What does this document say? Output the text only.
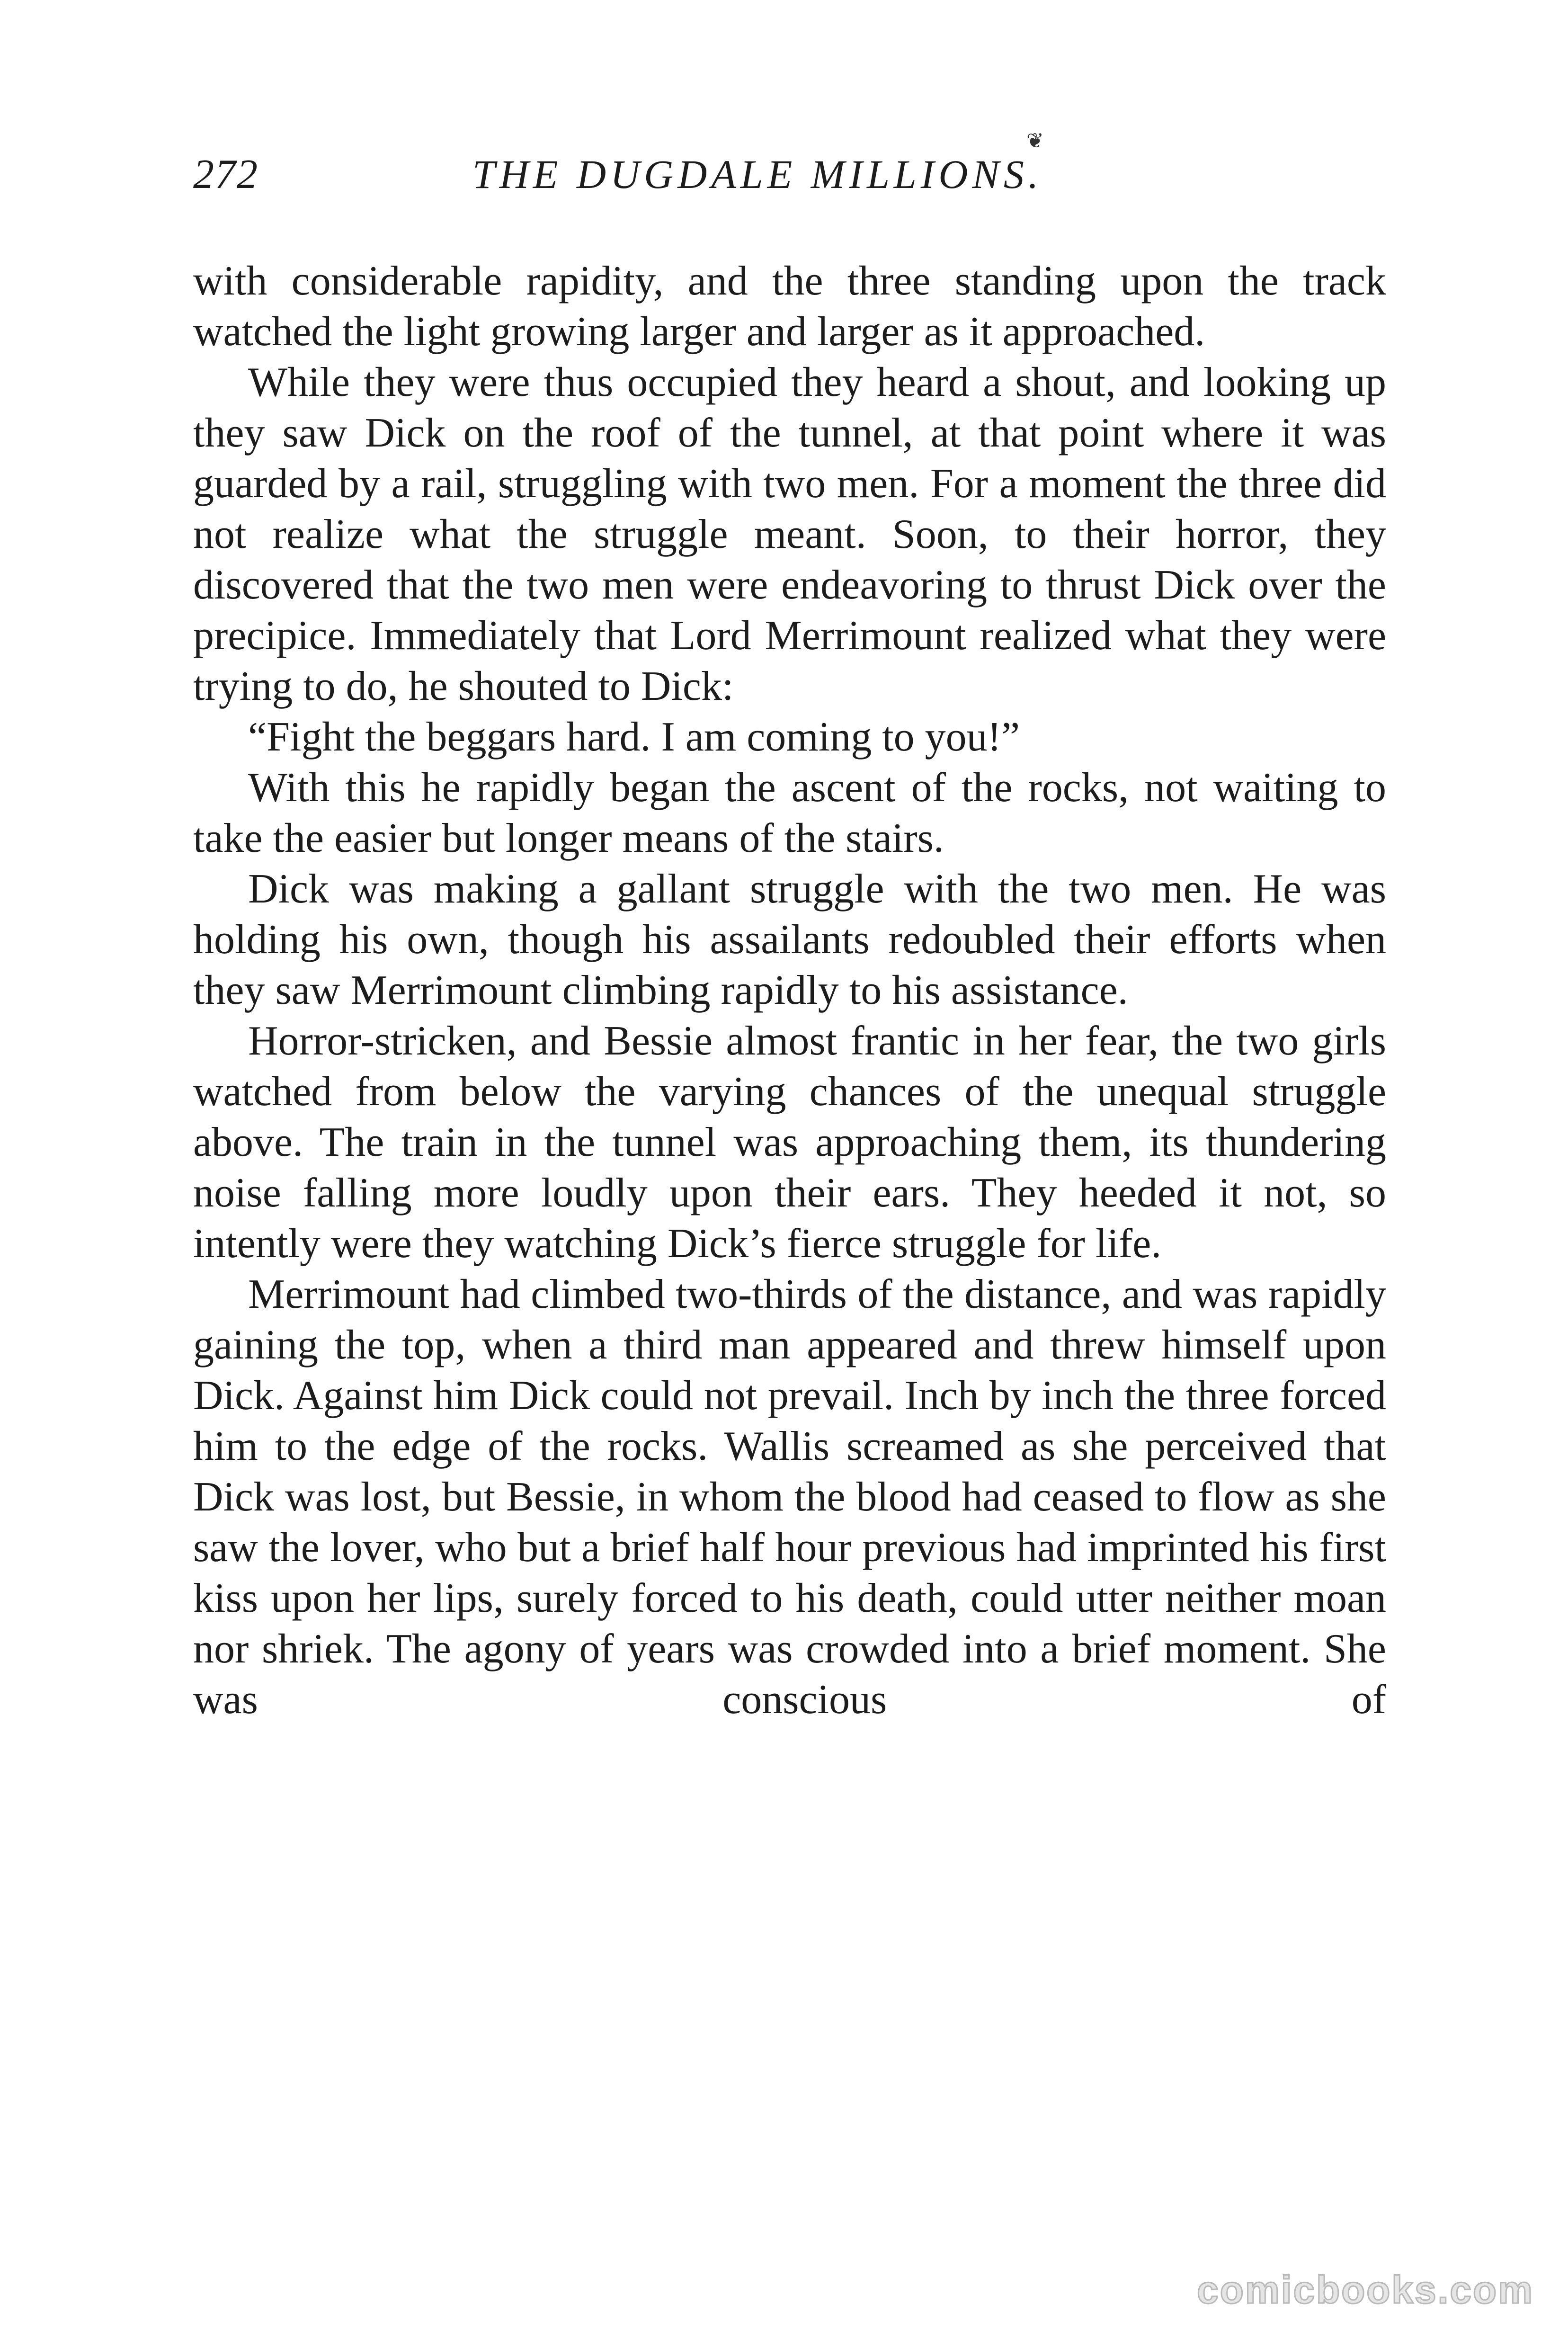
❦
272	THE DUGDALE MILLIONS.

with considerable rapidity, and the three standing upon the track watched the light growing larger and larger as it approached.

While they were thus occupied they heard a shout, and looking up they saw Dick on the roof of the tunnel, at that point where it was guarded by a rail, struggling with two men. For a moment the three did not realize what the struggle meant. Soon, to their horror, they discovered that the two men were endeavoring to thrust Dick over the precipice. Immediately that Lord Merrimount realized what they were trying to do, he shouted to Dick:

“Fight the beggars hard. I am coming to you!”

With this he rapidly began the ascent of the rocks, not waiting to take the easier but longer means of the stairs.

Dick was making a gallant struggle with the two men. He was holding his own, though his assailants redoubled their efforts when they saw Merrimount climbing rapidly to his assistance.

Horror-stricken, and Bessie almost frantic in her fear, the two girls watched from below the varying chances of the unequal struggle above. The train in the tunnel was approaching them, its thundering noise falling more loudly upon their ears. They heeded it not, so intently were they watching Dick’s fierce struggle for life.

Merrimount had climbed two-thirds of the distance, and was rapidly gaining the top, when a third man appeared and threw himself upon Dick. Against him Dick could not prevail. Inch by inch the three forced him to the edge of the rocks. Wallis screamed as she perceived that Dick was lost, but Bessie, in whom the blood had ceased to flow as she saw the lover, who but a brief half hour previous had imprinted his first kiss upon her lips, surely forced to his death, could utter neither moan nor shriek. The agony of years was crowded into a brief moment. She was conscious of

comicbooks.com
